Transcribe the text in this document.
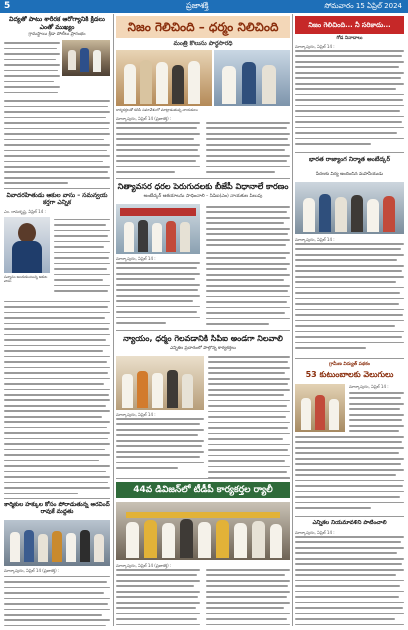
5	ప్రజాశక్తి	సోమవారం 15 ఏప్రిల్ 2024
విద్యతో పాటు శారీరక ఆరోగ్యానికి క్రీడలు ఎంతో ముఖ్యం
గ్రామస్థాయి క్రీడా పోటీలు ప్రారంభం
వివాదరహితుడు ఆకుల వాసు – సమన్వయ కర్తగా ఎన్నిక
ఎం. రామకృష్ణ, ఏప్రిల్ 14 :
సన్మానం అందుకుంటున్న ఆకుల వాసు
కార్మికుల హక్కుల కోసం పోరాడుతున్న అరవింద్ రావుకే మద్దతు
మార్కాపురం, ఏప్రిల్ 14 (ప్రజాశక్తి) :
నిజం గెలిచింది – ధర్మం నిలిచింది
మంత్రి కొలుసు పార్థసారధి
కార్యకర్తలతో కలిసి సమావేశంలో మాట్లాడుతున్న నాయకులు
మార్కాపురం, ఏప్రిల్ 14 (ప్రజాశక్తి) :
నిత్యావసర ధరల పెరుగుదలకు బీజేపీ విధానాలే కారణం
అంబేద్కర్ ఆశయాలను సాధించాలి – సిపిఐ(ఎం) నాయకుల పిలుపు
మార్కాపురం, ఏప్రిల్ 14 :
న్యాయం, ధర్మం గెలవడానికి సిపిఐ అండగా నిలవాలి
ఎన్నికల ప్రచారంలో పాల్గొన్న కార్యకర్తలు
మార్కాపురం, ఏప్రిల్ 14 :
44వ డివిజన్‌లో టీడీపీ కార్యకర్తల ర్యాలీ
మార్కాపురం, ఏప్రిల్ 14 (ప్రజాశక్తి) :
నిజం గెలిచింది... నీ సరికాదు...
గోడ నినాదాలు
మార్కాపురం, ఏప్రిల్ 14 :
భారత రాజ్యాంగ నిర్మాత అంబేద్కర్
పేదలకు విద్య అందించిన మహనీయుడు
మార్కాపురం, ఏప్రిల్ 14 :
గ్రామీణ విద్యుత్ పథకం
53 కుటుంబాలకు వెలుగులు
మార్కాపురం, ఏప్రిల్ 14 :
ఎన్నికల నియమావళిని పాటించాలి
మార్కాపురం, ఏప్రిల్ 14 :
